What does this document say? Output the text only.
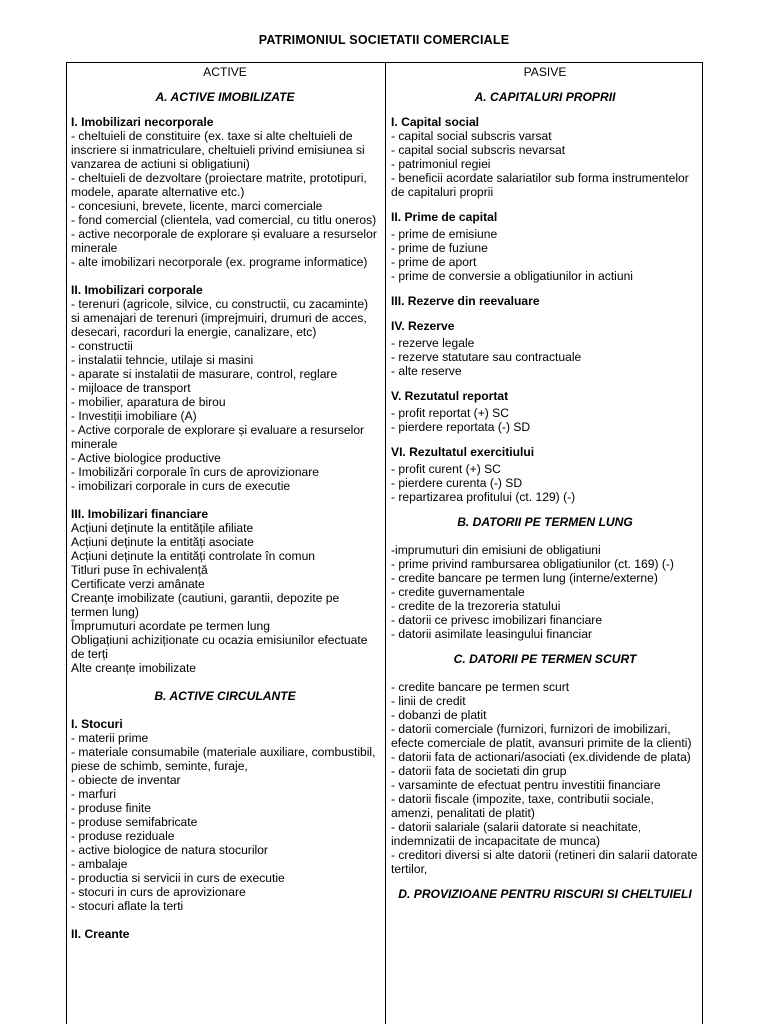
PATRIMONIUL SOCIETATII COMERCIALE
ACTIVE
A. ACTIVE IMOBILIZATE
I. Imobilizari necorporale
- cheltuieli de constituire (ex. taxe si alte cheltuieli de inscriere si inmatriculare, cheltuieli privind emisiunea si vanzarea de actiuni si obligatiuni)
- cheltuieli de dezvoltare (proiectare matrite, prototipuri, modele, aparate alternative etc.)
- concesiuni, brevete, licente, marci comerciale
- fond comercial (clientela, vad comercial, cu titlu oneros)
- active necorporale de explorare și evaluare a resurselor minerale
- alte imobilizari necorporale (ex. programe informatice)
II. Imobilizari corporale
- terenuri (agricole, silvice, cu constructii, cu zacaminte) si amenajari de terenuri (imprejmuiri, drumuri de acces, desecari, racorduri la energie, canalizare, etc)
- constructii
- instalatii tehncie, utilaje si masini
- aparate si instalatii de masurare, control, reglare
- mijloace de transport
- mobilier, aparatura de birou
- Investiții imobiliare (A)
- Active corporale de explorare și evaluare a resurselor minerale
- Active biologice productive
- Imobilizări corporale în curs de aprovizionare
- imobilizari corporale in curs de executie
III. Imobilizari financiare
Acțiuni deținute la entitățile afiliate
Acțiuni deținute la entități asociate
Acțiuni deținute la entități controlate în comun
Titluri puse în echivalență
Certificate verzi amânate
Creanțe imobilizate (cautiuni, garantii, depozite pe termen lung)
Împrumuturi acordate pe termen lung
Obligațiuni achiziționate cu ocazia emisiunilor efectuate de terți
Alte creanțe imobilizate
B. ACTIVE CIRCULANTE
I. Stocuri
- materii prime
- materiale consumabile (materiale auxiliare, combustibil, piese de schimb, seminte, furaje,
- obiecte de inventar
- marfuri
- produse finite
- produse semifabricate
- produse reziduale
- active biologice de natura stocurilor
- ambalaje
- productia si servicii in curs de executie
- stocuri in curs de aprovizionare
- stocuri aflate la terti
II. Creante
PASIVE
A. CAPITALURI PROPRII
I. Capital social
- capital social subscris varsat
- capital social subscris nevarsat
- patrimoniul regiei
- beneficii acordate salariatilor sub forma instrumentelor de capitaluri proprii
II. Prime de capital
- prime de emisiune
- prime de fuziune
- prime de aport
- prime de conversie a obligatiunilor in actiuni
III. Rezerve din reevaluare
IV. Rezerve
- rezerve legale
- rezerve statutare sau contractuale
- alte reserve
V. Rezutatul reportat
- profit reportat (+) SC
- pierdere reportata (-) SD
VI. Rezultatul exercitiului
- profit curent (+) SC
- pierdere curenta (-) SD
- repartizarea profitului (ct. 129) (-)
B. DATORII PE TERMEN LUNG
-imprumuturi din emisiuni de obligatiuni
- prime privind rambursarea obligatiunilor (ct. 169) (-)
- credite bancare pe termen lung (interne/externe)
- credite guvernamentale
- credite de la trezoreria statului
- datorii ce privesc imobilizari financiare
- datorii asimilate leasingului financiar
C. DATORII PE TERMEN SCURT
- credite bancare pe termen scurt
- linii de credit
- dobanzi de platit
- datorii comerciale (furnizori, furnizori de imobilizari, efecte comerciale de platit, avansuri primite de la clienti)
- datorii fata de actionari/asociati (ex.dividende de plata)
- datorii fata de societati din grup
- varsaminte de efectuat pentru investitii financiare
- datorii fiscale (impozite, taxe, contributii sociale, amenzi, penalitati de platit)
- datorii salariale (salarii datorate si neachitate, indemnizatii de incapacitate de munca)
- creditori diversi si alte datorii (retineri din salarii datorate tertilor,
D. PROVIZIOANE PENTRU RISCURI SI CHELTUIELI
